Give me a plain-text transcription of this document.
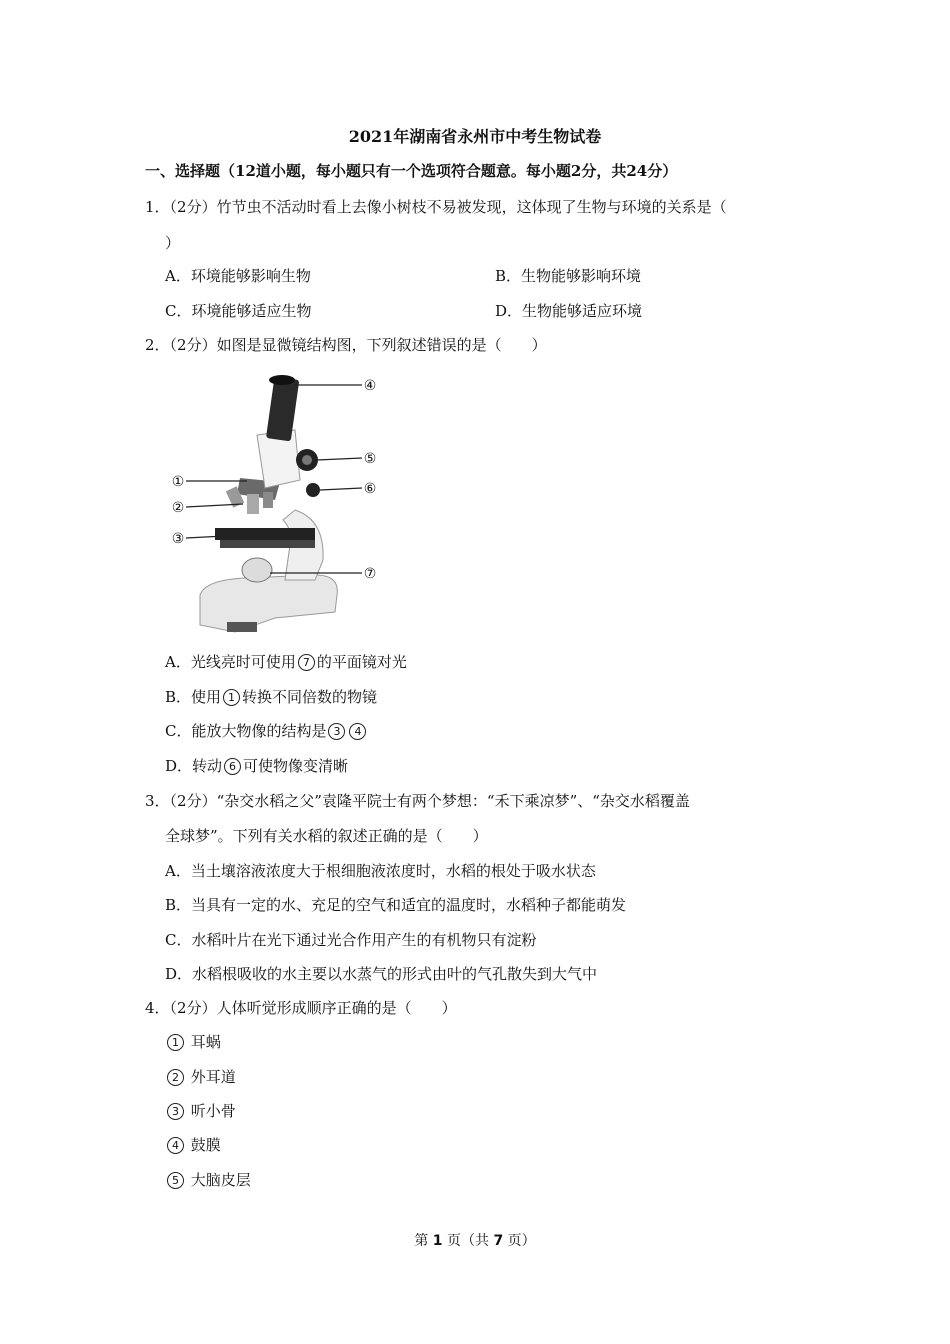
2021年湖南省永州市中考生物试卷
一、选择题（12道小题，每小题只有一个选项符合题意。每小题2分，共24分）
1．（2分）竹节虫不活动时看上去像小树枝不易被发现，这体现了生物与环境的关系是（
）
A．环境能够影响生物	B．生物能够影响环境
C．环境能够适应生物	D．生物能够适应环境
2．（2分）如图是显微镜结构图，下列叙述错误的是（　　）
①
②
③
④
⑤
⑥
⑦
A．光线亮时可使用 7 的平面镜对光
B．使用 1 转换不同倍数的物镜
C．能放大物像的结构是 3 4
D．转动 6 可使物像变清晰
3．（2分）“杂交水稻之父”袁隆平院士有两个梦想：“禾下乘凉梦”、“杂交水稻覆盖
全球梦”。下列有关水稻的叙述正确的是（　　）
A．当土壤溶液浓度大于根细胞液浓度时，水稻的根处于吸水状态
B．当具有一定的水、充足的空气和适宜的温度时，水稻种子都能萌发
C．水稻叶片在光下通过光合作用产生的有机物只有淀粉
D．水稻根吸收的水主要以水蒸气的形式由叶的气孔散失到大气中
4．（2分）人体听觉形成顺序正确的是（　　）
1 耳蜗
2 外耳道
3 听小骨
4 鼓膜
5 大脑皮层
第 1 页（共 7 页）
